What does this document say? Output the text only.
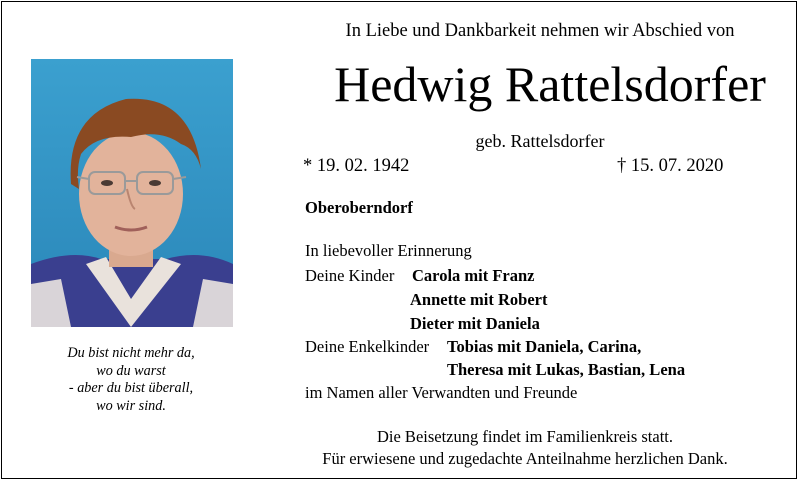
In Liebe und Dankbarkeit nehmen wir Abschied von
Hedwig Rattelsdorfer
geb. Rattelsdorfer
* 19. 02. 1942	† 15. 07. 2020
Oberoberndorf
In liebevoller Erinnerung
Deine Kinder Carola mit Franz
Annette mit Robert
Dieter mit Daniela
Deine Enkelkinder Tobias mit Daniela, Carina,
Theresa mit Lukas, Bastian, Lena
im Namen aller Verwandten und Freunde
Die Beisetzung findet im Familienkreis statt.
Für erwiesene und zugedachte Anteilnahme herzlichen Dank.
Du bist nicht mehr da,
wo du warst
- aber du bist überall,
wo wir sind.
